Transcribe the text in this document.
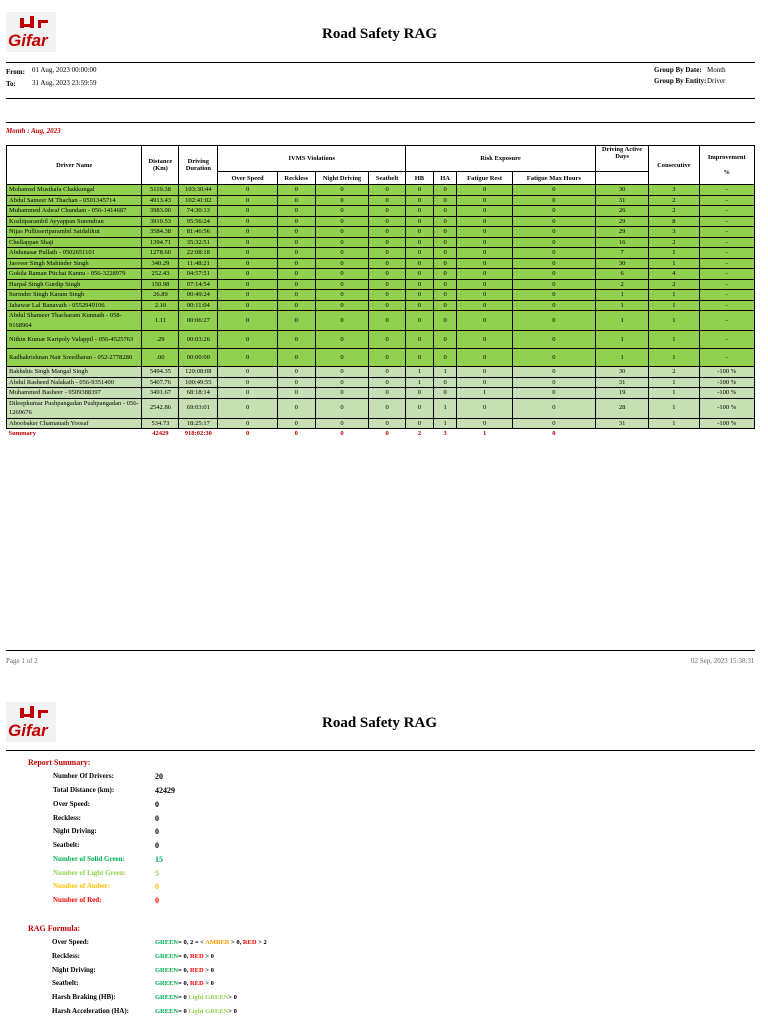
Gifar	Road Safety RAG
From: 01 Aug, 2023 00:00:00
To: 31 Aug, 2023 23:59:59
Group By Date: Month
Group By Entity: Driver
Month : Aug, 2023
Driver Name	Distance (Km)	Driving Duration	IVMS Violations				Risk Exposure				Driving Active Days	Consecutive	Improvement
%

			Over Speed	Reckless	Night Driving	Seatbelt	HB	HA	Fatigue Rest	Fatigue Max Hours			
Mohamed Musthafa Chakkungal	5119.38	103:30:44	0	0	0	0	0	0	0	0	30	3	-
Abdul Sameer M Thachan - 0501345714	4913.43	102:41:02	0	0	0	0	0	0	0	0	31	2	-
Muhammed Ashraf Chundam - 056-1414687	3983.00	74:30:13	0	0	0	0	0	0	0	0	26	2	-
Kozhiparambil Ayyappan Surendran	3910.53	95:56:24	0	0	0	0	0	0	0	0	29	8	-
Nijas Pullisseriparambil Saidalikut	3584.38	81:46:56	0	0	0	0	0	0	0	0	29	3	-
Chellappan Shaji	1394.71	35:32:51	0	0	0	0	0	0	0	0	16	2	-
Abdunasar Pullath - 0502651101	1278.60	22:08:18	0	0	0	0	0	0	0	0	7	1	-
Jasveer Singh Mahinder Singh	340.29	11:48:21	0	0	0	0	0	0	0	0	30	1	-
Gokila Raman Pitchai Kannu - 056-3228979	252.43	04:57:51	0	0	0	0	0	0	0	0	6	4	-
Harpal Singh Gurdip Singh	150.98	07:14:54	0	0	0	0	0	0	0	0	2	2	-
Surinder Singh Karam Singh	26.89	00:49:24	0	0	0	0	0	0	0	0	1	1	-
Jahawar Lal Banavath - 0552949106	2.10	00:11:04	0	0	0	0	0	0	0	0	1	1	-
Abdul Shameer Thacharam Kunnath - 058-9168964	1.11	00:06:27	0	0	0	0	0	0	0	0	1	1	-
Nithin Kumar Karipoly Valappil - 056-4525763	.29	00:03:26	0	0	0	0	0	0	0	0	1	1	-
Radhakrishnan Nair Sreedharan - 052-2778280	.00	00:00:00	0	0	0	0	0	0	0	0	1	1	-
Bakhshis Singh Mangal Singh	5494.35	120:08:08	0	0	0	0	1	1	0	0	30	2	-100 %
Abdul Rasheed Nalakath - 056-9351400	5407.76	100:49:55	0	0	0	0	1	0	0	0	31	1	-100 %
Muhammed Basheer - 0509388397	3491.67	68:18:14	0	0	0	0	0	0	1	0	19	1	-100 %
Dileepkumar Pushpangadan Pushpangadan - 056-1269676	2542.86	69:03:01	0	0	0	0	0	1	0	0	28	1	-100 %
Aboobaker Chamanaih Yoosaf	534.73	18:25:17	0	0	0	0	0	1	0	0	31	1	-100 %
Summary	42429	918:02:30	0	0	0	0	2	3	1	0			
Page 1 of 2	02 Sep, 2023 15:38:31
Gifar	Road Safety RAG
Report Summary:
Number Of Drivers:	20
Total Distance (km):	42429
Over Speed:	0
Reckless:	0
Night Driving:	0
Seatbelt:	0
Number of Solid Green:	15
Number of Light Green:	5
Number of Amber:	0
Number of Red:	0
RAG Formula:
Over Speed:	GREEN= 0, 2 = < AMBER > 0, RED > 2
Reckless:	GREEN= 0, RED > 0
Night Driving:	GREEN= 0, RED > 0
Seatbelt:	GREEN= 0, RED > 0
Harsh Braking (HB):	GREEN= 0 Light GREEN> 0
Harsh Acceleration (HA):	GREEN= 0 Light GREEN> 0
